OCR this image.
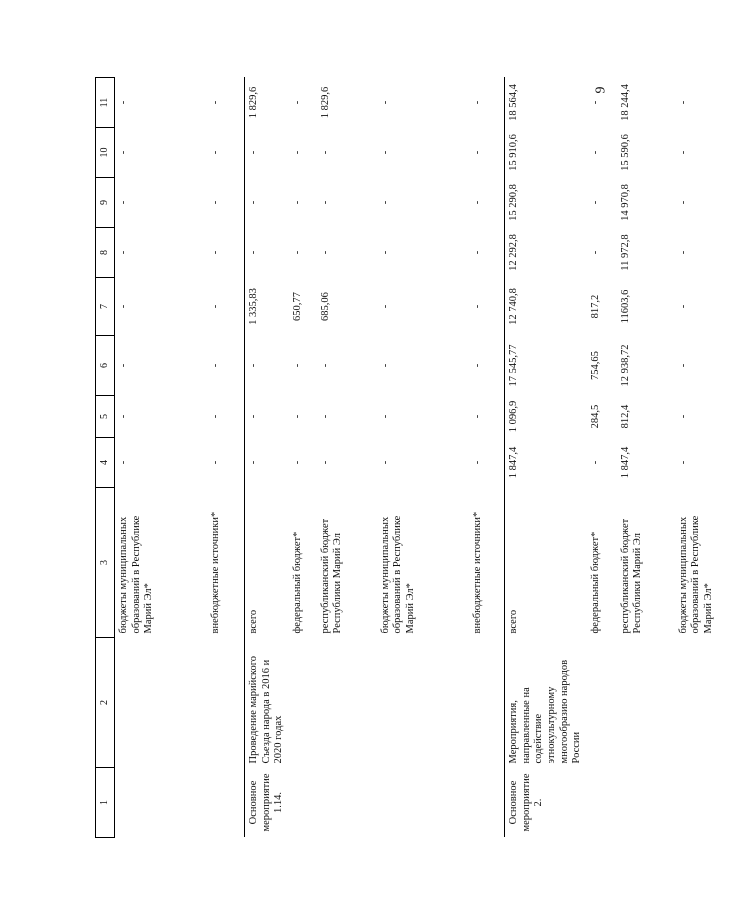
9
1	2	3	4	5	6	7	8	9	10	11
		бюджеты муниципальных образований в Республике Марий Эл*	-	-	-	-	-	-	-	-
		внебюджетные источники*	-	-	-	-	-	-	-	-
Основное мероприятие 1.14.	Проведение марийского Съезда народа в 2016 и 2020 годах	всего	-	-	-	1 335,83	-	-	-	1 829,6
		федеральный бюджет*	-	-	-	650,77	-	-	-	-
		республиканский бюджет Республики Марий Эл	-	-	-	685,06	-	-	-	1 829,6
		бюджеты муниципальных образований в Республике Марий Эл*	-	-	-	-	-	-	-	-
		внебюджетные источники*	-	-	-	-	-	-	-	-
Основное мероприятие 2.	Мероприятия, направленные на содействие этнокультурному многообразию народов России	всего	1 847,4	1 096,9	17 545,77	12 740,8	12 292,8	15 290,8	15 910,6	18 564,4
		федеральный бюджет*	-	284,5	754,65	817,2	-	-	-	-
		республиканский бюджет Республики Марий Эл	1 847,4	812,4	12 938,72	11603,6	11 972,8	14 970,8	15 590,6	18 244,4
		бюджеты муниципальных образований в Республике Марий Эл*	-	-	-	-	-	-	-	-
